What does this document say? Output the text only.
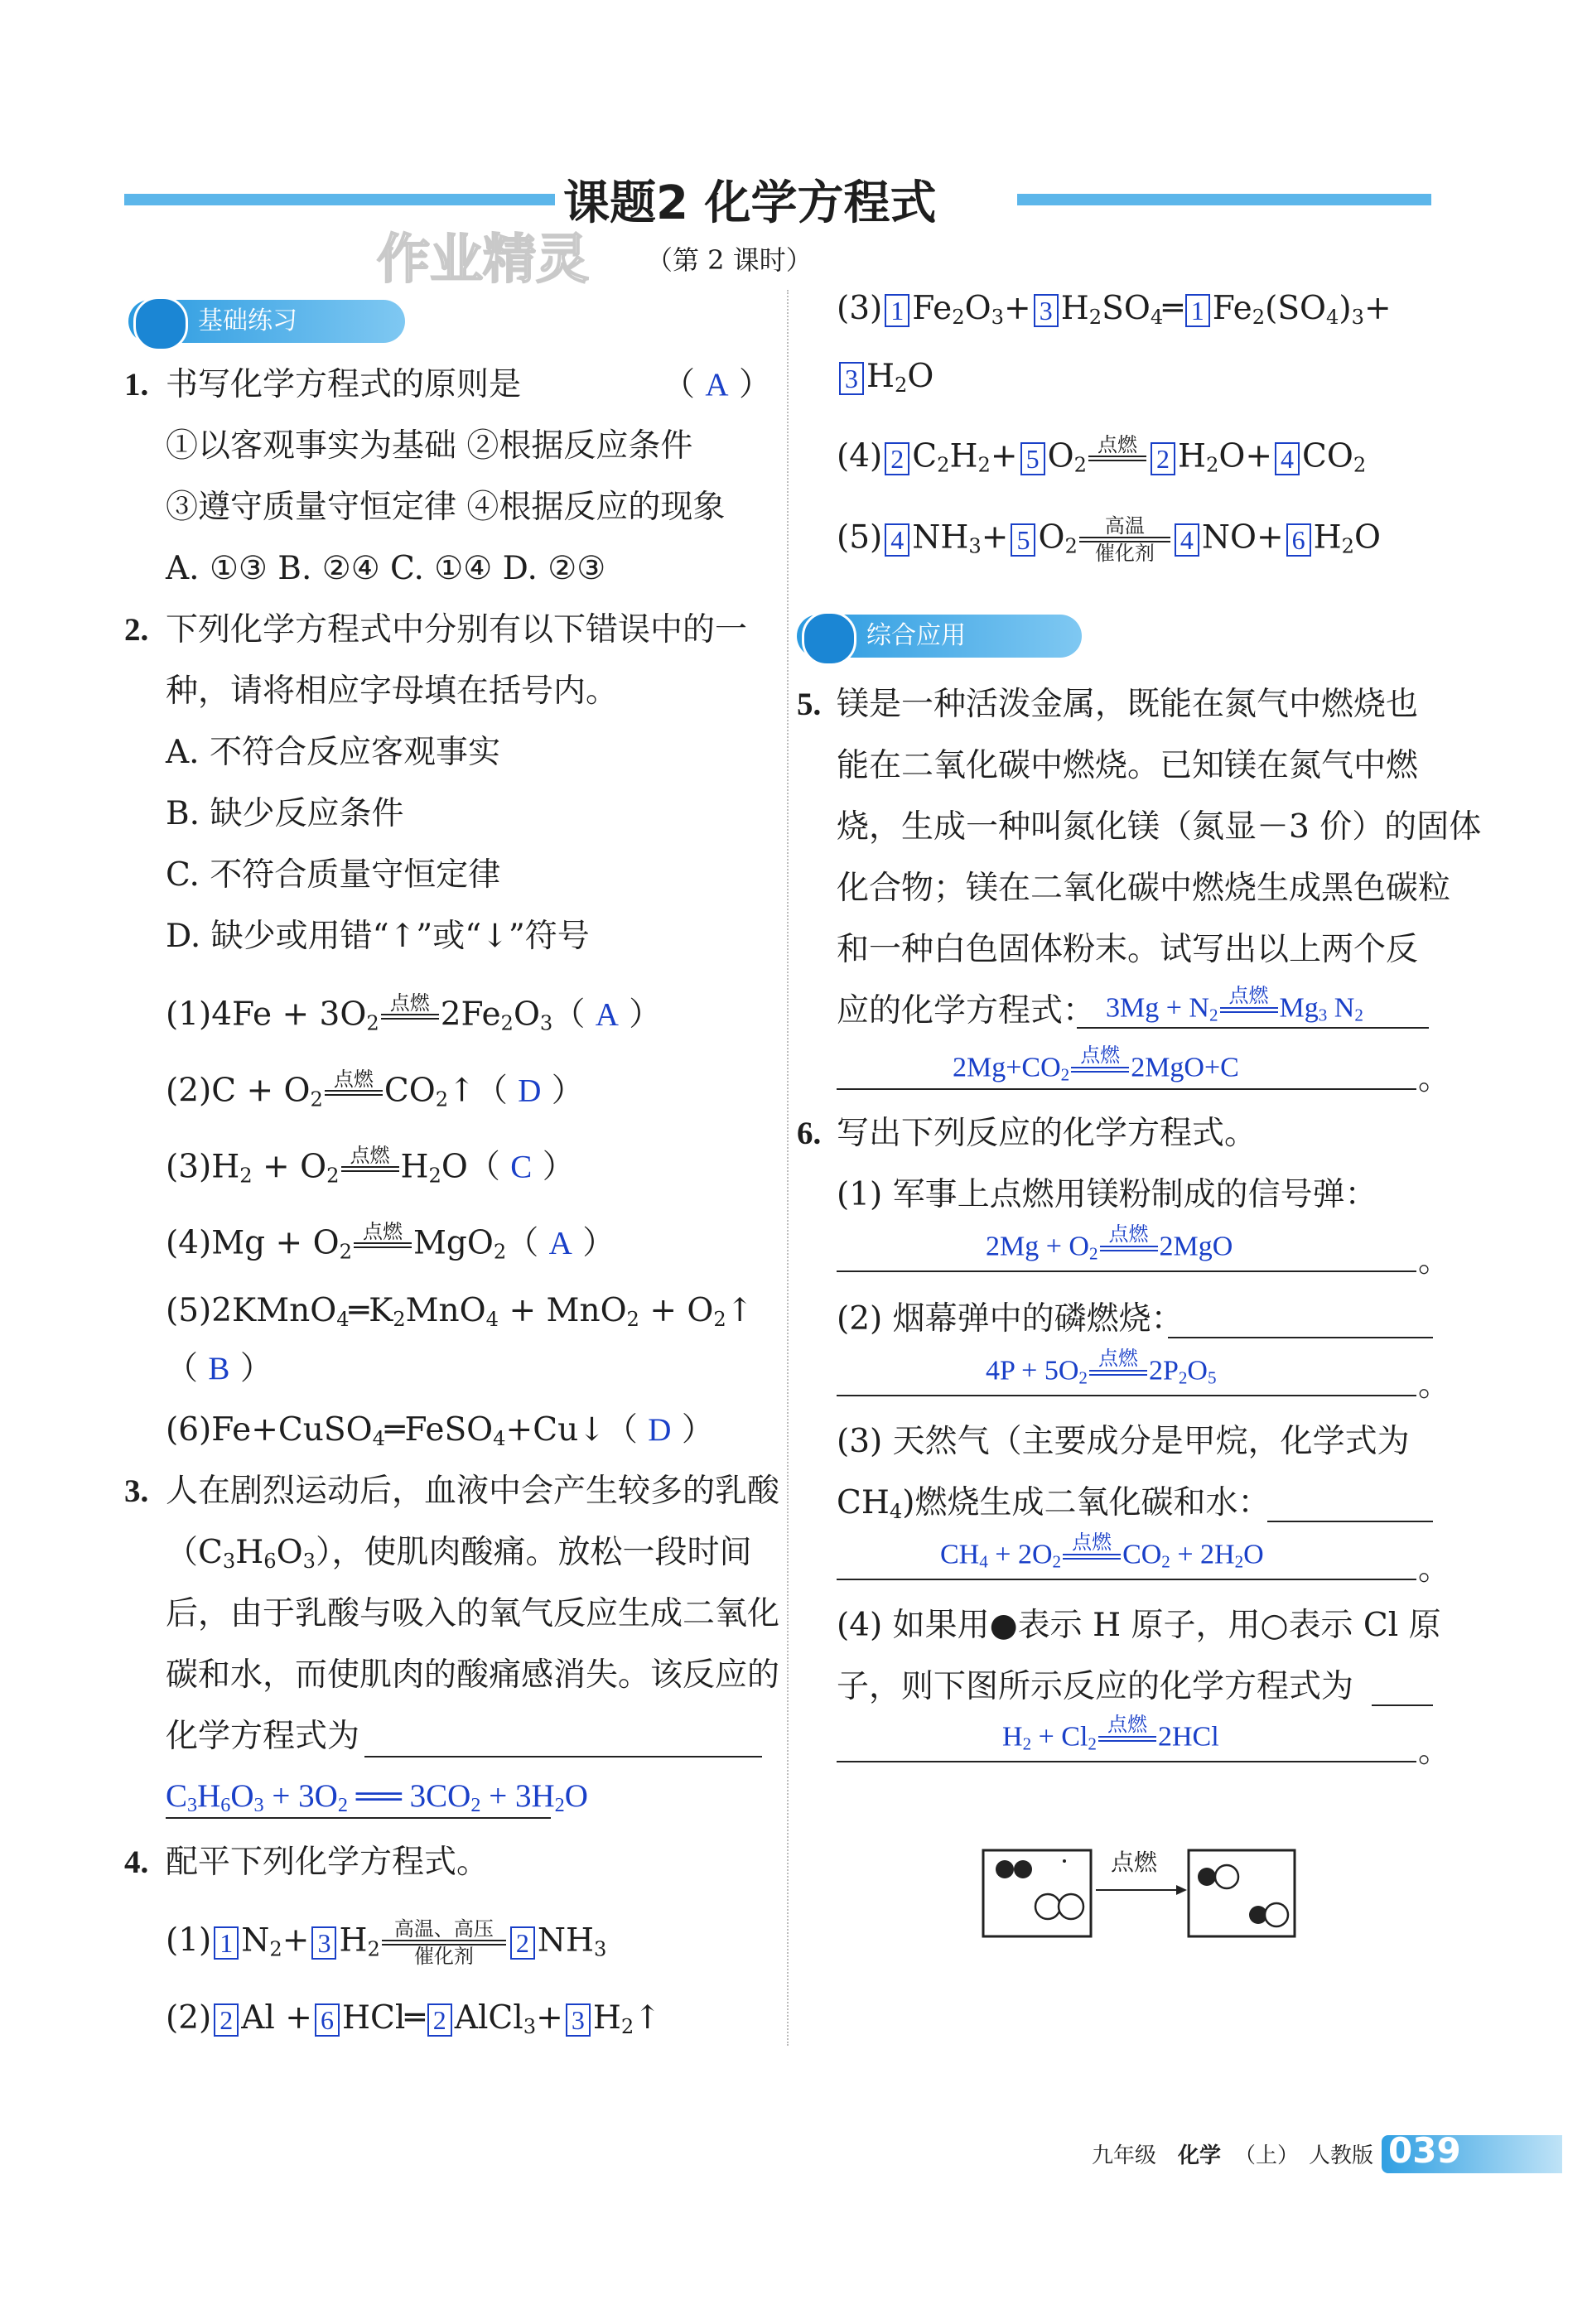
课题2 化学方程式
（第 2 课时）
作业精灵
基础练习
1. 书写化学方程式的原则是	（ A ）
①以客观事实为基础 ②根据反应条件
③遵守质量守恒定律 ④根据反应的现象
A. ①③ B. ②④ C. ①④ D. ②③
2. 下列化学方程式中分别有以下错误中的一
种，请将相应字母填在括号内。
A. 不符合反应客观事实
B. 缺少反应条件
C. 不符合质量守恒定律
D. 缺少或用错“↑”或“↓”符号
$(1)4Fe + 3O_2$
点燃
$2Fe_2O_3$（ A ）
$(2)C + O_2$
点燃
$CO_2↑$（ D ）
$(3)H_2 + O_2$
点燃
$H_2O$（ C ）
$(4)Mg + O_2$
点燃
MgO$_2$（ A ）
$(5)2KMnO_4═K_2MnO_4 + MnO_2$ + $O_2↑$
（ B ）
(6)Fe+CuSO$_4$═FeSO$_4$+Cu↓（ D ）
3. 人在剧烈运动后，血液中会产生较多的乳酸
$(C_3H_6O_3)$，使肌肉酸痛。放松一段时间
后，由于乳酸与吸入的氧气反应生成二氧化
碳和水，而使肌肉的酸痛感消失。该反应的
化学方程式为
$C_3H_6O_3 + 3O_2$ ══ $3CO_2 + 3H_2O$
4. 配平下列化学方程式。
(1) 1 $N_2+ 3$ $H_2$
高温、高压
催化剂	2 $NH_3$
(2) 2 Al + 6 HCl═ 2 AlCl$_3$+ 3 $H_2↑$
(3) 1 $Fe_2O_3+ 3$ $H_2SO_4═$ 1 $Fe_2(SO_4)_3+$
3 $H_2O$
(4) 2 $C_2H_2+ 5$ $O_2$
点燃
2 $H_2O+ 4$ $CO_2$
(5) 4 $NH_3+ 5$ $O_2$
高温
催化剂 4 NO+ 6 $H_2O$
综合应用
5. 镁是一种活泼金属，既能在氮气中燃烧也
能在二氧化碳中燃烧。已知镁在氮气中燃
烧，生成一种叫氮化镁（氮显－3 价）的固体
化合物；镁在二氧化碳中燃烧生成黑色碳粒
和一种白色固体粉末。试写出以上两个反
应的化学方程式： $3Mg + N_2$
点燃
$Mg_3$ $N_2$
$2Mg+CO_2$
点燃
2MgO+C	。
6. 写出下列反应的化学方程式。
(1) 军事上点燃用镁粉制成的信号弹：
$2Mg + O_2$
点燃
2MgO	。
(2) 烟幕弹中的磷燃烧：
$4P + 5O_2$
点燃
$2P_2O_5$	。
(3) 天然气（主要成分是甲烷，化学式为
$CH_4$)燃烧生成二氧化碳和水：
$CH_4 + 2O_2$
点燃
$CO_2 + 2H_2O$	。
(4) 如果用●表示 H 原子，用○表示 Cl 原
子，则下图所示反应的化学方程式为
$H_2 + Cl_2$
点燃
2HCl	。
点燃
九年级 化学 （上） 人教版 039
